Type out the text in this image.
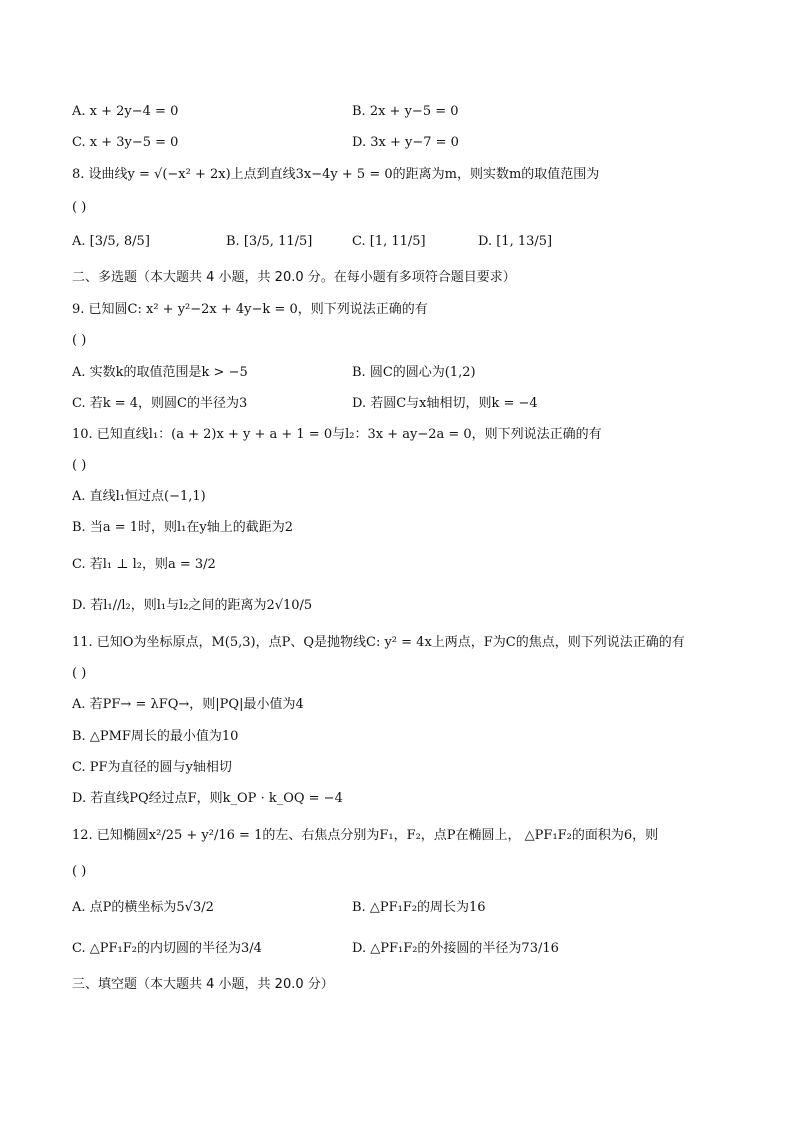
A. x + 2y−4 = 0	B. 2x + y−5 = 0
C. x + 3y−5 = 0	D. 3x + y−7 = 0
8. 设曲线y = √(−x² + 2x)上点到直线3x−4y + 5 = 0的距离为m，则实数m的取值范围为
( )
A. [3/5, 8/5]	B. [3/5, 11/5]	C. [1, 11/5]	D. [1, 13/5]
二、多选题（本大题共 4 小题，共 20.0 分。在每小题有多项符合题目要求）
9. 已知圆C: x² + y²−2x + 4y−k = 0，则下列说法正确的有
( )
A. 实数k的取值范围是k > −5	B. 圆C的圆心为(1,2)
C. 若k = 4，则圆C的半径为3	D. 若圆C与x轴相切，则k = −4
10. 已知直线l₁：(a + 2)x + y + a + 1 = 0与l₂：3x + ay−2a = 0，则下列说法正确的有
( )
A. 直线l₁恒过点(−1,1)
B. 当a = 1时，则l₁在y轴上的截距为2
C. 若l₁ ⊥ l₂，则a = 3/2
D. 若l₁//l₂，则l₁与l₂之间的距离为2√10/5
11. 已知O为坐标原点，M(5,3)，点P、Q是抛物线C: y² = 4x上两点，F为C的焦点，则下列说法正确的有
( )
A. 若PF→ = λFQ→，则|PQ|最小值为4
B. △PMF周长的最小值为10
C. PF为直径的圆与y轴相切
D. 若直线PQ经过点F，则k_OP · k_OQ = −4
12. 已知椭圆x²/25 + y²/16 = 1的左、右焦点分别为F₁，F₂，点P在椭圆上， △PF₁F₂的面积为6，则
( )
A. 点P的横坐标为5√3/2	B. △PF₁F₂的周长为16
C. △PF₁F₂的内切圆的半径为3/4	D. △PF₁F₂的外接圆的半径为73/16
三、填空题（本大题共 4 小题，共 20.0 分）
